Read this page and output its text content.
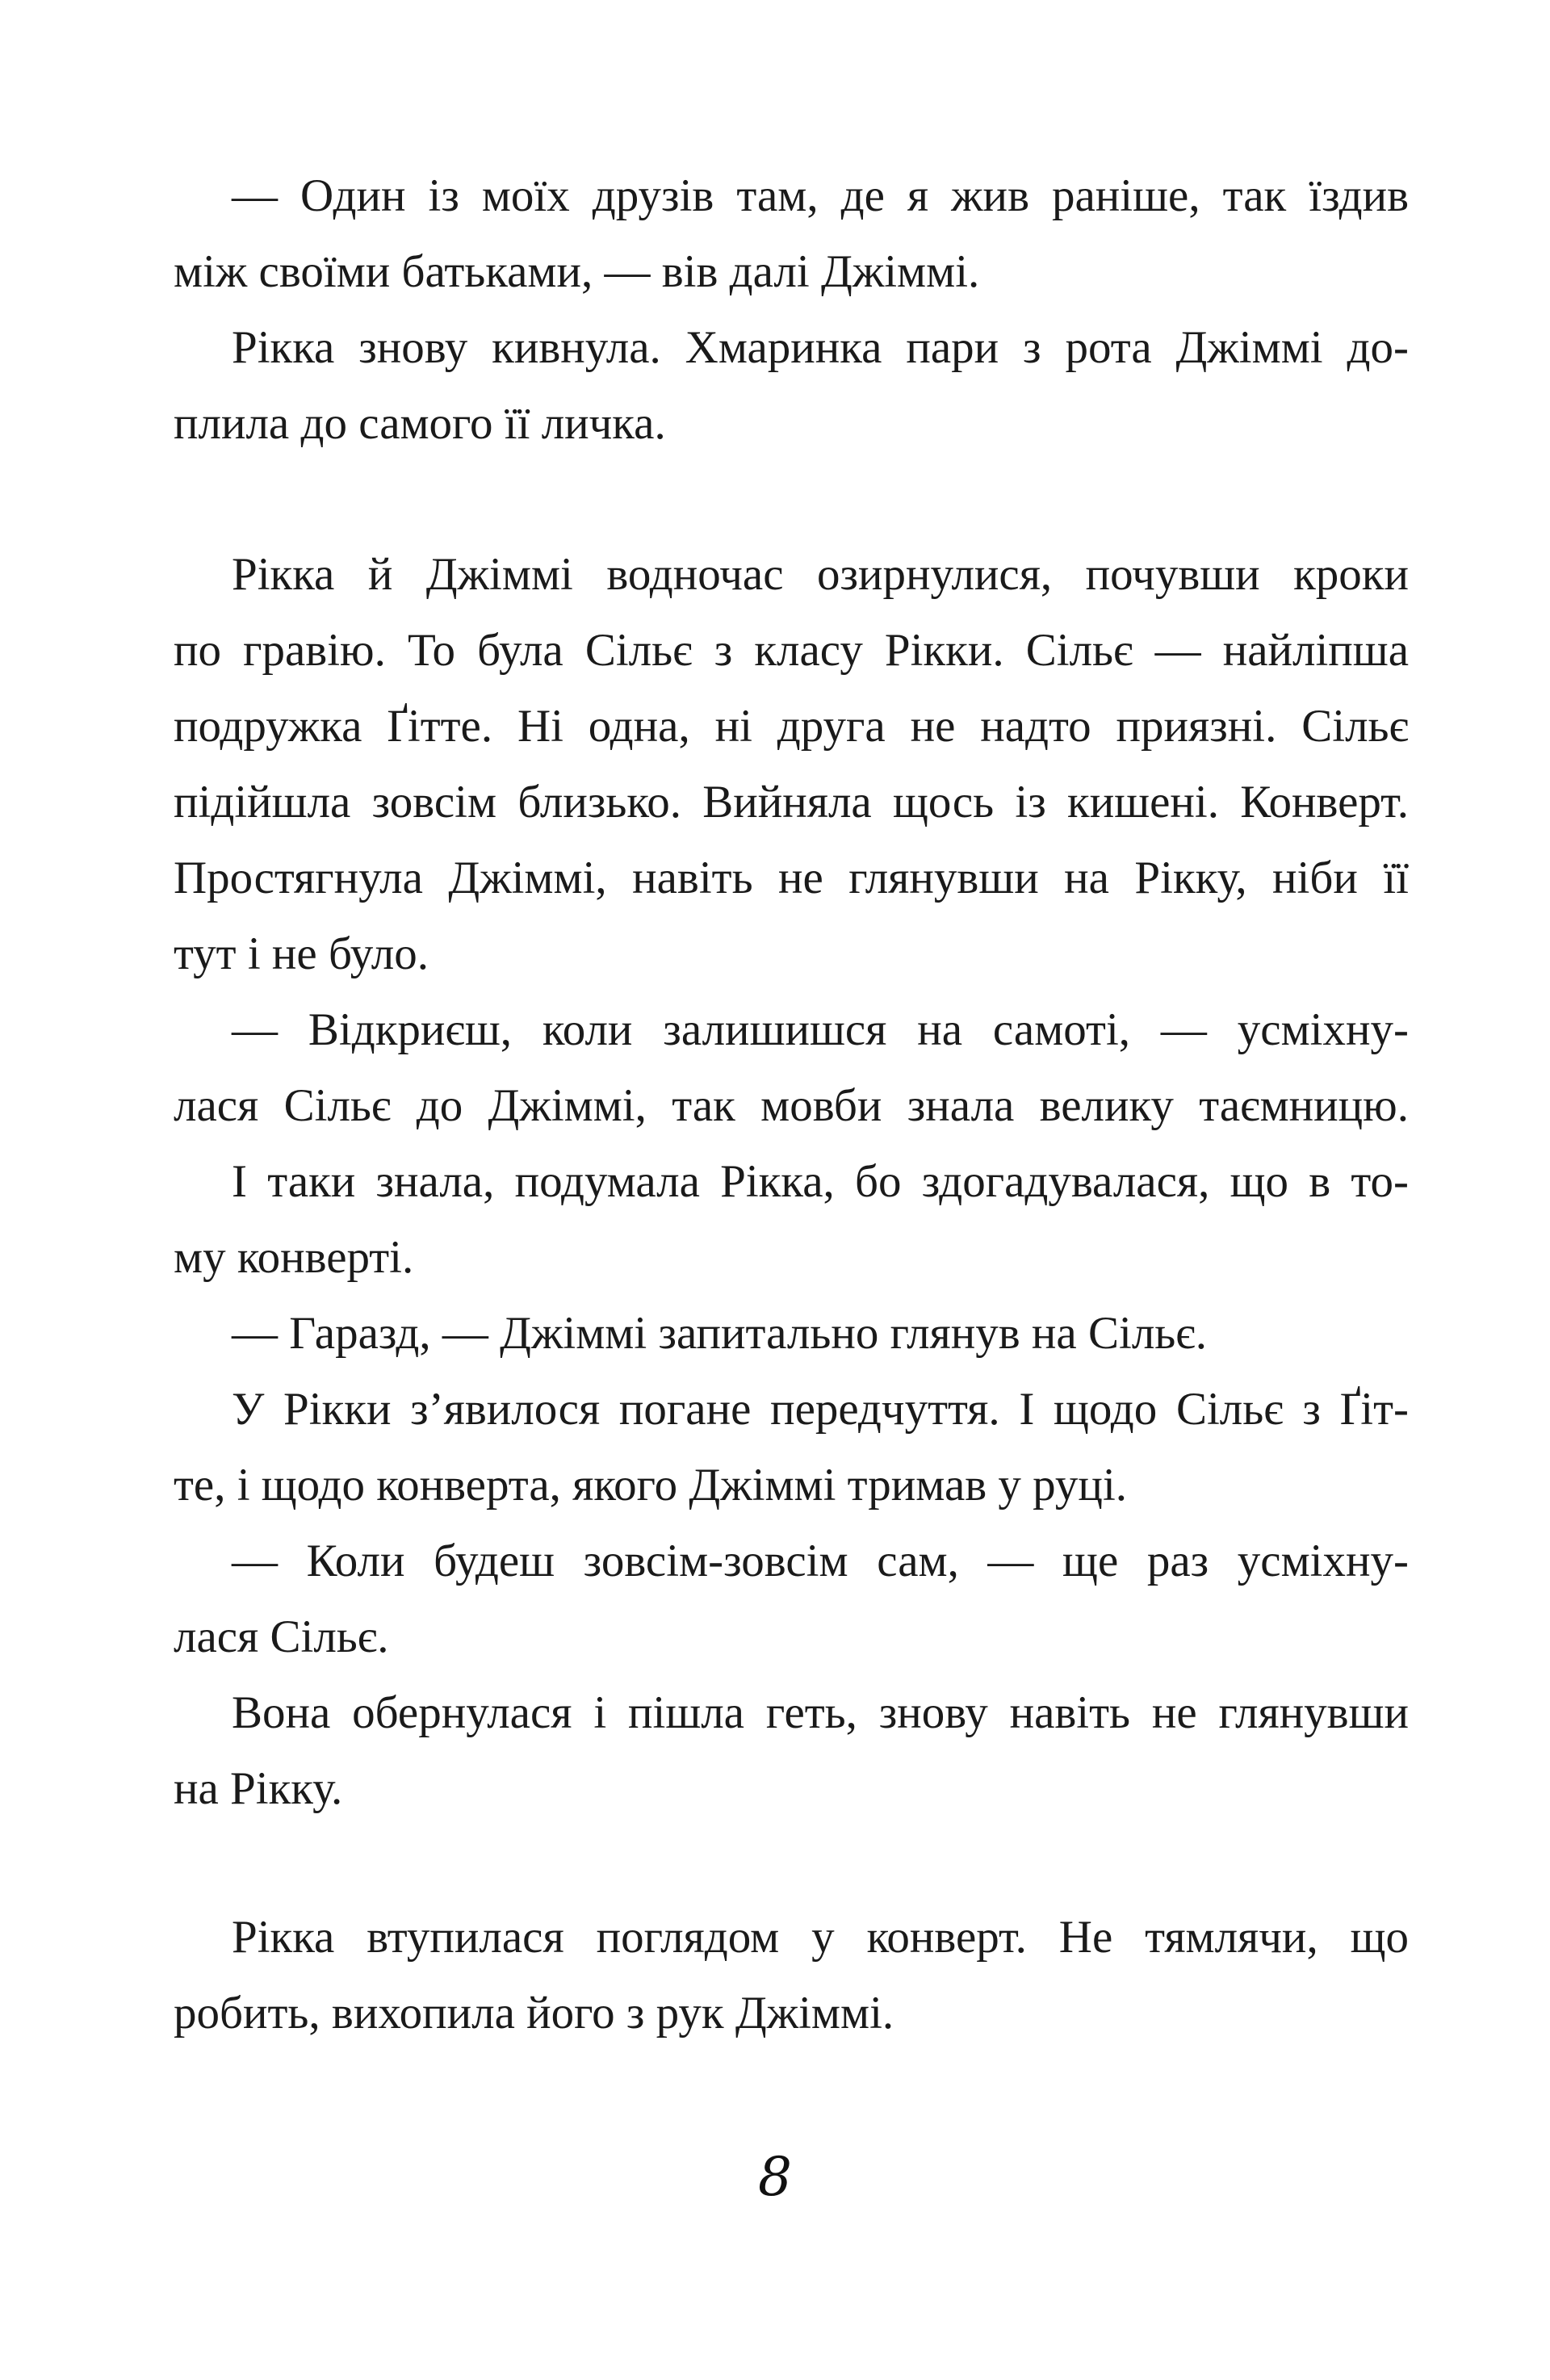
— Один із моїх друзів там, де я жив раніше, так їздив
між своїми батьками, — вів далі Джіммі.
Рікка знову кивнула. Хмаринка пари з рота Джіммі до-
плила до самого її личка.
Рікка й Джіммі водночас озирнулися, почувши кроки
по гравію. То була Сільє з класу Рікки. Сільє — найліпша
подружка Ґітте. Ні одна, ні друга не надто приязні. Сільє
підійшла зовсім близько. Вийняла щось із кишені. Конверт.
Простягнула Джіммі, навіть не глянувши на Рікку, ніби її
тут і не було.
— Відкриєш, коли залишишся на самоті, — усміхну-
лася Сільє до Джіммі, так мовби знала велику таємницю.
І таки знала, подумала Рікка, бо здогадувалася, що в то-
му конверті.
— Гаразд, — Джіммі запитально глянув на Сільє.
У Рікки з’явилося погане передчуття. І щодо Сільє з Ґіт-
те, і щодо конверта, якого Джіммі тримав у руці.
— Коли будеш зовсім-зовсім сам, — ще раз усміхну-
лася Сільє.
Вона обернулася і пішла геть, знову навіть не глянувши
на Рікку.
Рікка втупилася поглядом у конверт. Не тямлячи, що
робить, вихопила його з рук Джіммі.
8
